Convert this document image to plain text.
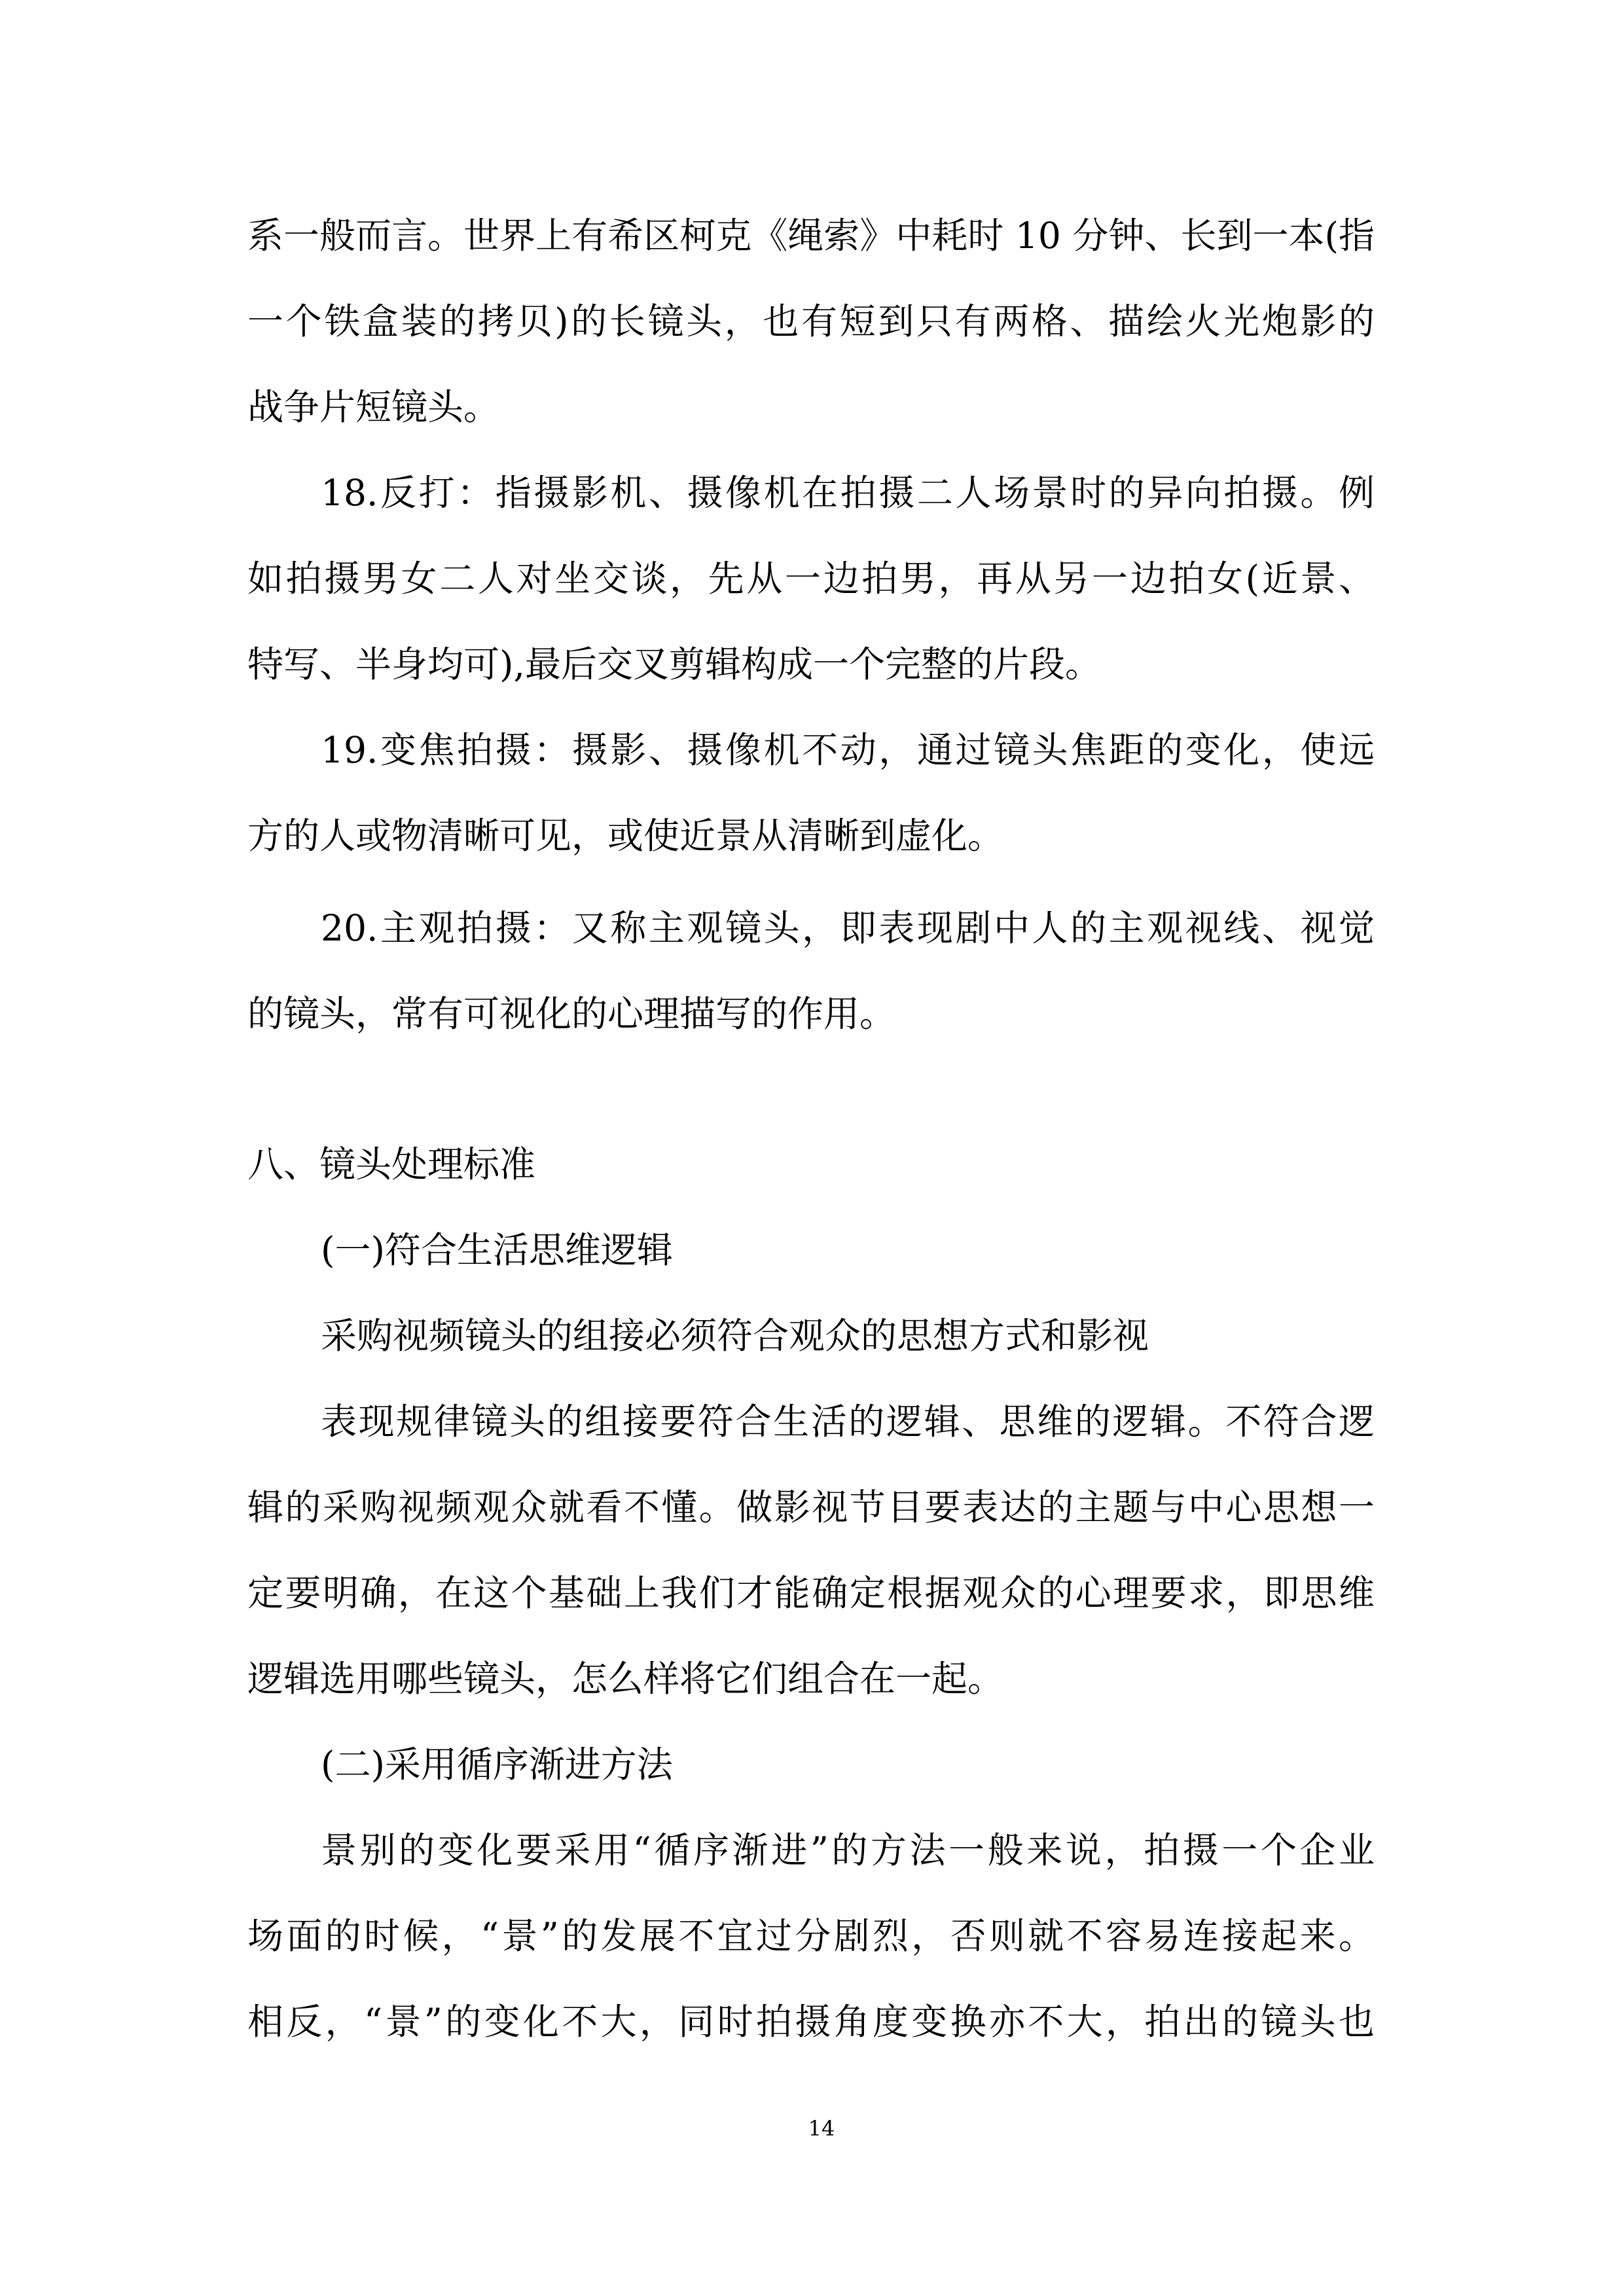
系一般而言。世界上有希区柯克《绳索》中耗时 10 分钟、长到一本(指
一个铁盒装的拷贝)的长镜头，也有短到只有两格、描绘火光炮影的
战争片短镜头。
18.反打：指摄影机、摄像机在拍摄二人场景时的异向拍摄。例
如拍摄男女二人对坐交谈，先从一边拍男，再从另一边拍女(近景、
特写、半身均可),最后交叉剪辑构成一个完整的片段。
19.变焦拍摄：摄影、摄像机不动，通过镜头焦距的变化，使远
方的人或物清晰可见，或使近景从清晰到虚化。
20.主观拍摄：又称主观镜头，即表现剧中人的主观视线、视觉
的镜头，常有可视化的心理描写的作用。
八、镜头处理标准
(一)符合生活思维逻辑
采购视频镜头的组接必须符合观众的思想方式和影视
表现规律镜头的组接要符合生活的逻辑、思维的逻辑。不符合逻
辑的采购视频观众就看不懂。做影视节目要表达的主题与中心思想一
定要明确，在这个基础上我们才能确定根据观众的心理要求，即思维
逻辑选用哪些镜头，怎么样将它们组合在一起。
(二)采用循序渐进方法
景别的变化要采用“循序渐进”的方法一般来说，拍摄一个企业
场面的时候，“景”的发展不宜过分剧烈，否则就不容易连接起来。
相反，“景”的变化不大，同时拍摄角度变换亦不大，拍出的镜头也
14
